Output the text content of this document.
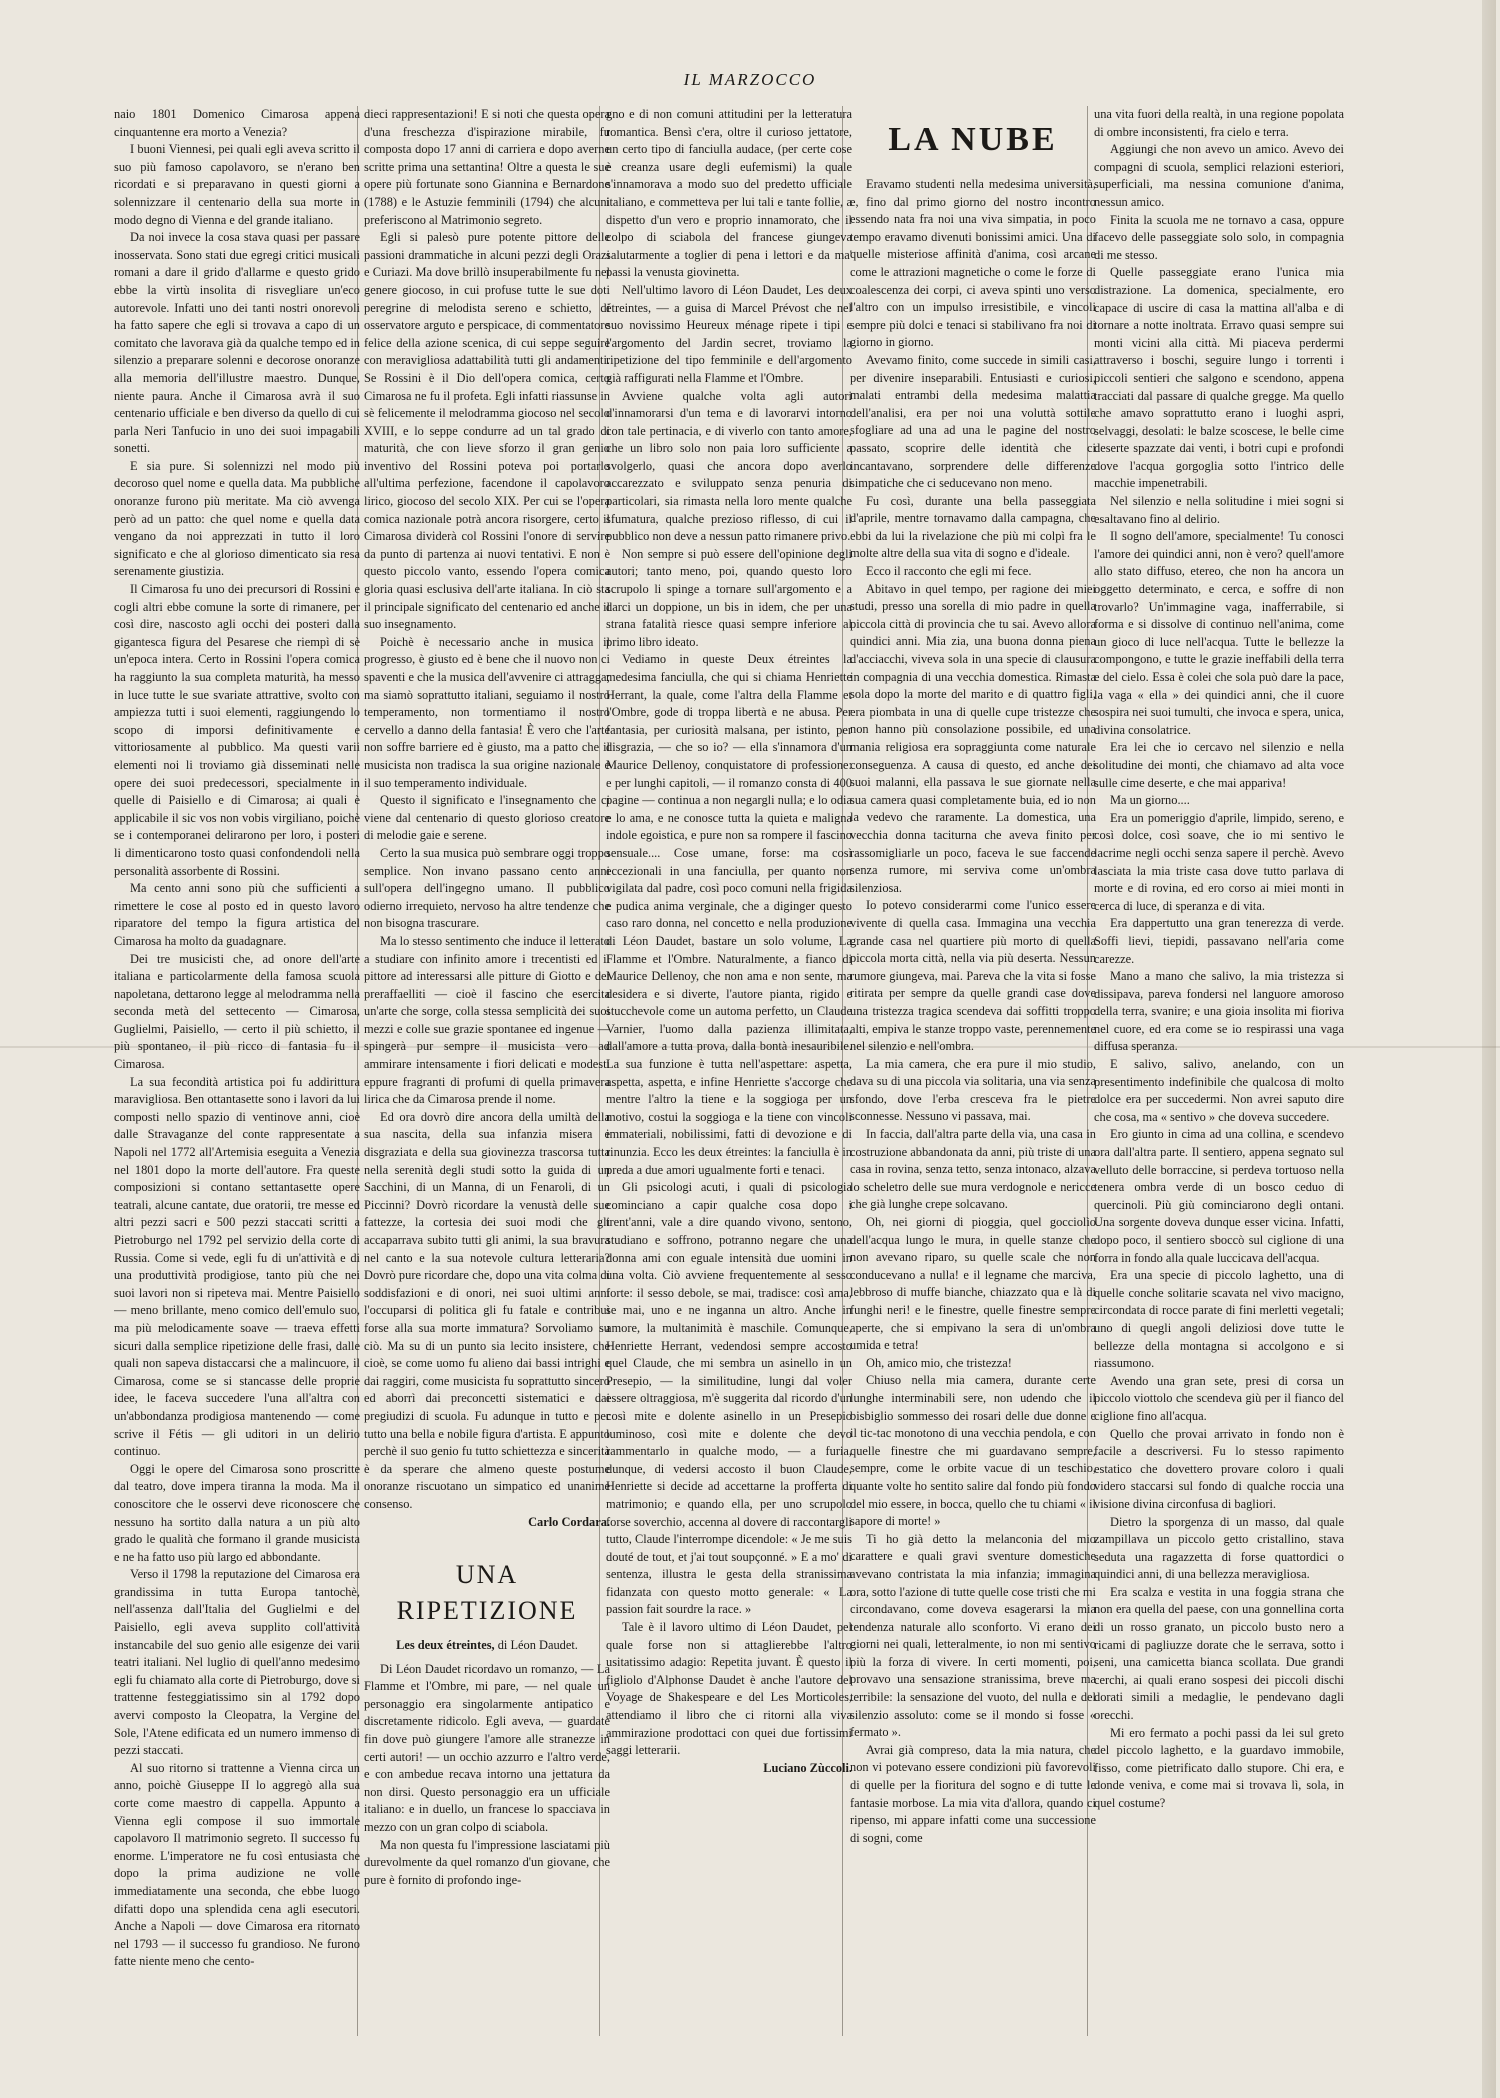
IL MARZOCCO

naio 1801 Domenico Cimarosa appena cinquantenne era morto a Venezia?

I buoni Viennesi, pei quali egli aveva scritto il suo più famoso capolavoro, se n'erano ben ricordati e si preparavano in questi giorni a solennizzare il centenario della sua morte in modo degno di Vienna e del grande italiano.

Da noi invece la cosa stava quasi per passare inosservata. Sono stati due egregi critici musicali romani a dare il grido d'allarme e questo grido ebbe la virtù insolita di risvegliare un'eco autorevole. Infatti uno dei tanti nostri onorevoli ha fatto sapere che egli si trovava a capo di un comitato che lavorava già da qualche tempo ed in silenzio a preparare solenni e decorose onoranze alla memoria dell'illustre maestro. Dunque, niente paura. Anche il Cimarosa avrà il suo centenario ufficiale e ben diverso da quello di cui parla Neri Tanfucio in uno dei suoi impagabili sonetti.

E sia pure. Si solennizzi nel modo più decoroso quel nome e quella data. Ma pubbliche onoranze furono più meritate. Ma ciò avvenga però ad un patto: che quel nome e quella data vengano da noi apprezzati in tutto il loro significato e che al glorioso dimenticato sia resa serenamente giustizia.

Il Cimarosa fu uno dei precursori di Rossini e cogli altri ebbe comune la sorte di rimanere, per così dire, nascosto agli occhi dei posteri dalla gigantesca figura del Pesarese che riempì di sè un'epoca intera. Certo in Rossini l'opera comica ha raggiunto la sua completa maturità, ha messo in luce tutte le sue svariate attrattive, svolto con ampiezza tutti i suoi elementi, raggiungendo lo scopo di imporsi definitivamente e vittoriosamente al pubblico. Ma questi varii elementi noi li troviamo già disseminati nelle opere dei suoi predecessori, specialmente in quelle di Paisiello e di Cimarosa; ai quali è applicabile il sic vos non vobis virgiliano, poichè se i contemporanei delirarono per loro, i posteri li dimenticarono tosto quasi confondendoli nella personalità assorbente di Rossini.

Ma cento anni sono più che sufficienti a rimettere le cose al posto ed in questo lavoro riparatore del tempo la figura artistica del Cimarosa ha molto da guadagnare.

Dei tre musicisti che, ad onore dell'arte italiana e particolarmente della famosa scuola napoletana, dettarono legge al melodramma nella seconda metà del settecento — Cimarosa, Guglielmi, Paisiello, — certo il più schietto, il più spontaneo, il più ricco di fantasia fu il Cimarosa.

La sua fecondità artistica poi fu addirittura maravigliosa. Ben ottantasette sono i lavori da lui composti nello spazio di ventinove anni, cioè dalle Stravaganze del conte rappresentate a Napoli nel 1772 all'Artemisia eseguita a Venezia nel 1801 dopo la morte dell'autore. Fra queste composizioni si contano settantasette opere teatrali, alcune cantate, due oratorii, tre messe ed altri pezzi sacri e 500 pezzi staccati scritti a Pietroburgo nel 1792 pel servizio della corte di Russia. Come si vede, egli fu di un'attività e di una produttività prodigiose, tanto più che nei suoi lavori non si ripeteva mai. Mentre Paisiello — meno brillante, meno comico dell'emulo suo, ma più melodicamente soave — traeva effetti sicuri dalla semplice ripetizione delle frasi, dalle quali non sapeva distaccarsi che a malincuore, il Cimarosa, come se si stancasse delle proprie idee, le faceva succedere l'una all'altra con un'abbondanza prodigiosa mantenendo — come scrive il Fétis — gli uditori in un delirio continuo.

Oggi le opere del Cimarosa sono proscritte dal teatro, dove impera tiranna la moda. Ma il conoscitore che le osservi deve riconoscere che nessuno ha sortito dalla natura a un più alto grado le qualità che formano il grande musicista e ne ha fatto uso più largo ed abbondante.

Verso il 1798 la reputazione del Cimarosa era grandissima in tutta Europa tantochè, nell'assenza dall'Italia del Guglielmi e del Paisiello, egli aveva supplito coll'attività instancabile del suo genio alle esigenze dei varii teatri italiani. Nel luglio di quell'anno medesimo egli fu chiamato alla corte di Pietroburgo, dove si trattenne festeggiatissimo sin al 1792 dopo avervi composto la Cleopatra, la Vergine del Sole, l'Atene edificata ed un numero immenso di pezzi staccati.

Al suo ritorno si trattenne a Vienna circa un anno, poichè Giuseppe II lo aggregò alla sua corte come maestro di cappella. Appunto a Vienna egli compose il suo immortale capolavoro Il matrimonio segreto. Il successo fu enorme. L'imperatore ne fu così entusiasta che dopo la prima audizione ne volle immediatamente una seconda, che ebbe luogo difatti dopo una splendida cena agli esecutori. Anche a Napoli — dove Cimarosa era ritornato nel 1793 — il successo fu grandioso. Ne furono fatte niente meno che cento-

dieci rappresentazioni! E si noti che questa opera d'una freschezza d'ispirazione mirabile, fu composta dopo 17 anni di carriera e dopo averne scritte prima una settantina! Oltre a questa le sue opere più fortunate sono Giannina e Bernardone (1788) e le Astuzie femminili (1794) che alcuni preferiscono al Matrimonio segreto.

Egli si palesò pure potente pittore delle passioni drammatiche in alcuni pezzi degli Orazi e Curiazi. Ma dove brillò insuperabilmente fu nel genere giocoso, in cui profuse tutte le sue doti peregrine di melodista sereno e schietto, di osservatore arguto e perspicace, di commentatore felice della azione scenica, di cui seppe seguire con meravigliosa adattabilità tutti gli andamenti. Se Rossini è il Dio dell'opera comica, certo Cimarosa ne fu il profeta. Egli infatti riassunse in sè felicemente il melodramma giocoso nel secolo XVIII, e lo seppe condurre ad un tal grado di maturità, che con lieve sforzo il gran genio inventivo del Rossini poteva poi portarlo all'ultima perfezione, facendone il capolavoro lirico, giocoso del secolo XIX. Per cui se l'opera comica nazionale potrà ancora risorgere, certo il Cimarosa dividerà col Rossini l'onore di servire da punto di partenza ai nuovi tentativi. E non è questo piccolo vanto, essendo l'opera comica gloria quasi esclusiva dell'arte italiana. In ciò sta il principale significato del centenario ed anche il suo insegnamento.

Poichè è necessario anche in musica il progresso, è giusto ed è bene che il nuovo non ci spaventi e che la musica dell'avvenire ci attragga; ma siamò soprattutto italiani, seguiamo il nostro temperamento, non tormentiamo il nostro cervello a danno della fantasia! È vero che l'arte non soffre barriere ed è giusto, ma a patto che il musicista non tradisca la sua origine nazionale e il suo temperamento individuale.

Questo il significato e l'insegnamento che ci viene dal centenario di questo glorioso creatore di melodie gaie e serene.

Certo la sua musica può sembrare oggi troppo semplice. Non invano passano cento anni sull'opera dell'ingegno umano. Il pubblico odierno irrequieto, nervoso ha altre tendenze che non bisogna trascurare.

Ma lo stesso sentimento che induce il letterato a studiare con infinito amore i trecentisti ed il pittore ad interessarsi alle pitture di Giotto e dei preraffaelliti — cioè il fascino che esercita un'arte che sorge, colla stessa semplicità dei suoi mezzi e colle sue grazie spontanee ed ingenue — spingerà pur sempre il musicista vero ad ammirare intensamente i fiori delicati e modesti eppure fragranti di profumi di quella primavera lirica che da Cimarosa prende il nome.

Ed ora dovrò dire ancora della umiltà della sua nascita, della sua infanzia misera e disgraziata e della sua giovinezza trascorsa tutta nella serenità degli studi sotto la guida di un Sacchini, di un Manna, di un Fenaroli, di un Piccinni? Dovrò ricordare la venustà delle sue fattezze, la cortesia dei suoi modi che gli accaparrava subito tutti gli animi, la sua bravura nel canto e la sua notevole cultura letteraria? Dovrò pure ricordare che, dopo una vita colma di soddisfazioni e di onori, nei suoi ultimi anni l'occuparsi di politica gli fu fatale e contribuì forse alla sua morte immatura? Sorvoliamo su ciò. Ma su di un punto sia lecito insistere, che cioè, se come uomo fu alieno dai bassi intrighi e dai raggiri, come musicista fu soprattutto sincero ed aborrì dai preconcetti sistematici e dai pregiudizi di scuola. Fu adunque in tutto e per tutto una bella e nobile figura d'artista. E appunto perchè il suo genio fu tutto schiettezza e sincerità è da sperare che almeno queste postume onoranze riscuotano un simpatico ed unanime consenso.

Carlo Cordara.

UNA RIPETIZIONE
Les deux étreintes, di Léon Daudet.

Di Léon Daudet ricordavo un romanzo, — La Flamme et l'Ombre, mi pare, — nel quale un personaggio era singolarmente antipatico e discretamente ridicolo. Egli aveva, — guardate fin dove può giungere l'amore alle stranezze in certi autori! — un occhio azzurro e l'altro verde, e con ambedue recava intorno una jettatura da non dirsi. Questo personaggio era un ufficiale italiano: e in duello, un francese lo spacciava in mezzo con un gran colpo di sciabola.

Ma non questa fu l'impressione lasciatami più durevolmente da quel romanzo d'un giovane, che pure è fornito di profondo inge-

gno e di non comuni attitudini per la letteratura romantica. Bensì c'era, oltre il curioso jettatore, un certo tipo di fanciulla audace, (per certe cose è creanza usare degli eufemismi) la quale s'innamorava a modo suo del predetto ufficiale italiano, e commetteva per lui tali e tante follie, a dispetto d'un vero e proprio innamorato, che il colpo di sciabola del francese giungeva salutarmente a toglier di pena i lettori e da ma' passi la venusta giovinetta.

Nell'ultimo lavoro di Léon Daudet, Les deux étreintes, — a guisa di Marcel Prévost che nel suo novissimo Heureux ménage ripete i tipi e l'argomento del Jardin secret, troviamo la ripetizione del tipo femminile e dell'argomento già raffigurati nella Flamme et l'Ombre.

Avviene qualche volta agli autori d'innamorarsi d'un tema e di lavorarvi intorno con tale pertinacia, e di viverlo con tanto amore, che un libro solo non paia loro sufficiente a svolgerlo, quasi che ancora dopo averlo accarezzato e sviluppato senza penuria di particolari, sia rimasta nella loro mente qualche sfumatura, qualche prezioso riflesso, di cui il pubblico non deve a nessun patto rimanere privo.

Non sempre si può essere dell'opinione degli autori; tanto meno, poi, quando questo loro scrupolo li spinge a tornare sull'argomento e a darci un doppione, un bis in idem, che per una strana fatalità riesce quasi sempre inferiore al primo libro ideato.

Vediamo in queste Deux étreintes la medesima fanciulla, che qui si chiama Henriette Herrant, la quale, come l'altra della Flamme et l'Ombre, gode di troppa libertà e ne abusa. Per fantasia, per curiosità malsana, per istinto, per disgrazia, — che so io? — ella s'innamora d'un Maurice Dellenoy, conquistatore di professione: e per lunghi capitoli, — il romanzo consta di 400 pagine — continua a non negargli nulla; e lo odia e lo ama, e ne conosce tutta la quieta e maligna indole egoistica, e pure non sa rompere il fascino sensuale.... Cose umane, forse: ma così eccezionali in una fanciulla, per quanto non vigilata dal padre, così poco comuni nella frigida e pudica anima verginale, che a diginger questo caso raro donna, nel concetto e nella produzione di Léon Daudet, bastare un solo volume, La Flamme et l'Ombre. Naturalmente, a fianco di Maurice Dellenoy, che non ama e non sente, ma desidera e si diverte, l'autore pianta, rigido e stucchevole come un automa perfetto, un Claude Varnier, l'uomo dalla pazienza illimitata, dall'amore a tutta prova, dalla bontà inesauribile. La sua funzione è tutta nell'aspettare: aspetta, aspetta, aspetta, e infine Henriette s'accorge che mentre l'altro la tiene e la soggioga per un motivo, costui la soggioga e la tiene con vincoli immateriali, nobilissimi, fatti di devozione e di rinunzia. Ecco les deux étreintes: la fanciulla è in preda a due amori ugualmente forti e tenaci.

Gli psicologi acuti, i quali di psicologia cominciano a capir qualche cosa dopo i trent'anni, vale a dire quando vivono, sentono, studiano e soffrono, potranno negare che una donna ami con eguale intensità due uomini in una volta. Ciò avviene frequentemente al sesso forte: il sesso debole, se mai, tradisce: così ama, se mai, uno e ne inganna un altro. Anche in amore, la multanimità è maschile. Comunque, Henriette Herrant, vedendosi sempre accosto quel Claude, che mi sembra un asinello in un Presepio, — la similitudine, lungi dal voler essere oltraggiosa, m'è suggerita dal ricordo d'un così mite e dolente asinello in un Presepio luminoso, così mite e dolente che devo rammentarlo in qualche modo, — a furia, dunque, di vedersi accosto il buon Claude, Henriette si decide ad accettarne la profferta di matrimonio; e quando ella, per uno scrupolo forse soverchio, accenna al dovere di raccontargli tutto, Claude l'interrompe dicendole: « Je me suis douté de tout, et j'ai tout soupçonné. » E a mo' di sentenza, illustra le gesta della stranissima fidanzata con questo motto generale: « La passion fait sourdre la race. »

Tale è il lavoro ultimo di Léon Daudet, pel quale forse non si attaglierebbe l'altro usitatissimo adagio: Repetita juvant. È questo il figliolo d'Alphonse Daudet è anche l'autore del Voyage de Shakespeare e del Les Morticoles, attendiamo il libro che ci ritorni alla viva ammirazione prodottaci con quei due fortissimi saggi letterarii.

Luciano Zùccoli.

LA NUBE

Eravamo studenti nella medesima università, e, fino dal primo giorno del nostro incontro essendo nata fra noi una viva simpatia, in poco tempo eravamo divenuti bonissimi amici. Una di quelle misteriose affinità d'anima, così arcane come le attrazioni magnetiche o come le forze di coalescenza dei corpi, ci aveva spinti uno verso l'altro con un impulso irresistibile, e vincoli sempre più dolci e tenaci si stabilivano fra noi di giorno in giorno.

Avevamo finito, come succede in simili casi, per divenire inseparabili. Entusiasti e curiosi, malati entrambi della medesima malattia dell'analisi, era per noi una voluttà sottile sfogliare ad una ad una le pagine del nostro passato, scoprire delle identità che ci incantavano, sorprendere delle differenze simpatiche che ci seducevano non meno.

Fu così, durante una bella passeggiata d'aprile, mentre tornavamo dalla campagna, che ebbi da lui la rivelazione che più mi colpì fra le molte altre della sua vita di sogno e d'ideale.

Ecco il racconto che egli mi fece.

Abitavo in quel tempo, per ragione dei miei studi, presso una sorella di mio padre in quella piccola città di provincia che tu sai. Avevo allora quindici anni. Mia zia, una buona donna piena d'acciacchi, viveva sola in una specie di clausura in compagnia di una vecchia domestica. Rimasta sola dopo la morte del marito e di quattro figli, era piombata in una di quelle cupe tristezze che non hanno più consolazione possibile, ed una mania religiosa era sopraggiunta come naturale conseguenza. A causa di questo, ed anche dei suoi malanni, ella passava le sue giornate nella sua camera quasi completamente buia, ed io non la vedevo che raramente. La domestica, una vecchia donna taciturna che aveva finito per rassomigliarle un poco, faceva le sue faccende senza rumore, mi serviva come un'ombra silenziosa.

Io potevo considerarmi come l'unico essere vivente di quella casa. Immagina una vecchia grande casa nel quartiere più morto di quella piccola morta città, nella via più deserta. Nessun rumore giungeva, mai. Pareva che la vita si fosse ritirata per sempre da quelle grandi case dove una tristezza tragica scendeva dai soffitti troppo alti, empiva le stanze troppo vaste, perennemente nel silenzio e nell'ombra.

La mia camera, che era pure il mio studio, dava su di una piccola via solitaria, una via senza sfondo, dove l'erba cresceva fra le pietre sconnesse. Nessuno vi passava, mai.

In faccia, dall'altra parte della via, una casa in costruzione abbandonata da anni, più triste di una casa in rovina, senza tetto, senza intonaco, alzava lo scheletro delle sue mura verdognole e nericce che già lunghe crepe solcavano.

Oh, nei giorni di pioggia, quel gocciolìo dell'acqua lungo le mura, in quelle stanze che non avevano riparo, su quelle scale che non conducevano a nulla! e il legname che marciva, lebbroso di muffe bianche, chiazzato qua e là di funghi neri! e le finestre, quelle finestre sempre aperte, che si empivano la sera di un'ombra umida e tetra!

Oh, amico mio, che tristezza!

Chiuso nella mia camera, durante certe lunghe interminabili sere, non udendo che il bisbiglio sommesso dei rosari delle due donne e il tic-tac monotono di una vecchia pendola, e con quelle finestre che mi guardavano sempre, sempre, come le orbite vacue di un teschio, quante volte ho sentito salire dal fondo più fondo del mio essere, in bocca, quello che tu chiami « il sapore di morte! »

Ti ho già detto la melanconia del mio carattere e quali gravi sventure domestiche avevano contristata la mia infanzia; immagina ora, sotto l'azione di tutte quelle cose tristi che mi circondavano, come doveva esagerarsi la mia tendenza naturale allo sconforto. Vi erano dei giorni nei quali, letteralmente, io non mi sentivo più la forza di vivere. In certi momenti, poi, provavo una sensazione stranissima, breve ma terribile: la sensazione del vuoto, del nulla e del silenzio assoluto: come se il mondo si fosse « fermato ».

Avrai già compreso, data la mia natura, che non vi potevano essere condizioni più favorevoli di quelle per la fioritura del sogno e di tutte le fantasie morbose. La mia vita d'allora, quando ci ripenso, mi appare infatti come una successione di sogni, come

una vita fuori della realtà, in una regione popolata di ombre inconsistenti, fra cielo e terra.

Aggiungi che non avevo un amico. Avevo dei compagni di scuola, semplici relazioni esteriori, superficiali, ma nessina comunione d'anima, nessun amico.

Finita la scuola me ne tornavo a casa, oppure facevo delle passeggiate solo solo, in compagnia di me stesso.

Quelle passeggiate erano l'unica mia distrazione. La domenica, specialmente, ero capace di uscire di casa la mattina all'alba e di tornare a notte inoltrata. Erravo quasi sempre sui monti vicini alla città. Mi piaceva perdermi attraverso i boschi, seguire lungo i torrenti i piccoli sentieri che salgono e scendono, appena tracciati dal passare di qualche gregge. Ma quello che amavo soprattutto erano i luoghi aspri, selvaggi, desolati: le balze scoscese, le belle cime deserte spazzate dai venti, i botri cupi e profondi dove l'acqua gorgoglia sotto l'intrico delle macchie impenetrabili.

Nel silenzio e nella solitudine i miei sogni si esaltavano fino al delirio.

Il sogno dell'amore, specialmente! Tu conosci l'amore dei quindici anni, non è vero? quell'amore allo stato diffuso, etereo, che non ha ancora un oggetto determinato, e cerca, e soffre di non trovarlo? Un'immagine vaga, inafferrabile, si forma e si dissolve di continuo nell'anima, come un gioco di luce nell'acqua. Tutte le bellezze la compongono, e tutte le grazie ineffabili della terra e del cielo. Essa è colei che sola può dare la pace, la vaga « ella » dei quindici anni, che il cuore sospira nei suoi tumulti, che invoca e spera, unica, divina consolatrice.

Era lei che io cercavo nel silenzio e nella solitudine dei monti, che chiamavo ad alta voce sulle cime deserte, e che mai appariva!

Ma un giorno....

Era un pomeriggio d'aprile, limpido, sereno, e così dolce, così soave, che io mi sentivo le lacrime negli occhi senza sapere il perchè. Avevo lasciata la mia triste casa dove tutto parlava di morte e di rovina, ed ero corso ai miei monti in cerca di luce, di speranza e di vita.

Era dappertutto una gran tenerezza di verde. Soffi lievi, tiepidi, passavano nell'aria come carezze.

Mano a mano che salivo, la mia tristezza si dissipava, pareva fondersi nel languore amoroso della terra, svanire; e una gioia insolita mi fioriva nel cuore, ed era come se io respirassi una vaga diffusa speranza.

E salivo, salivo, anelando, con un presentimento indefinibile che qualcosa di molto dolce era per succedermi. Non avrei saputo dire che cosa, ma « sentivo » che doveva succedere.

Ero giunto in cima ad una collina, e scendevo ora dall'altra parte. Il sentiero, appena segnato sul velluto delle borraccine, si perdeva tortuoso nella tenera ombra verde di un bosco ceduo di quercinoli. Più giù cominciarono degli ontani. Una sorgente doveva dunque esser vicina. Infatti, dopo poco, il sentiero sboccò sul ciglione di una forra in fondo alla quale luccicava dell'acqua.

Era una specie di piccolo laghetto, una di quelle conche solitarie scavata nel vivo macigno, circondata di rocce parate di fini merletti vegetali; uno di quegli angoli deliziosi dove tutte le bellezze della montagna si accolgono e si riassumono.

Avendo una gran sete, presi di corsa un piccolo viottolo che scendeva giù per il fianco del ciglione fino all'acqua.

Quello che provai arrivato in fondo non è facile a descriversi. Fu lo stesso rapimento estatico che dovettero provare coloro i quali videro staccarsi sul fondo di qualche roccia una visione divina circonfusa di bagliori.

Dietro la sporgenza di un masso, dal quale zampillava un piccolo getto cristallino, stava seduta una ragazzetta di forse quattordici o quindici anni, di una bellezza meravigliosa.

Era scalza e vestita in una foggia strana che non era quella del paese, con una gonnellina corta di un rosso granato, un piccolo busto nero a ricami di pagliuzze dorate che le serrava, sotto i seni, una camicetta bianca scollata. Due grandi cerchi, ai quali erano sospesi dei piccoli dischi dorati simili a medaglie, le pendevano dagli orecchi.

Mi ero fermato a pochi passi da lei sul greto del piccolo laghetto, e la guardavo immobile, fisso, come pietrificato dallo stupore. Chi era, e donde veniva, e come mai si trovava lì, sola, in quel costume?
